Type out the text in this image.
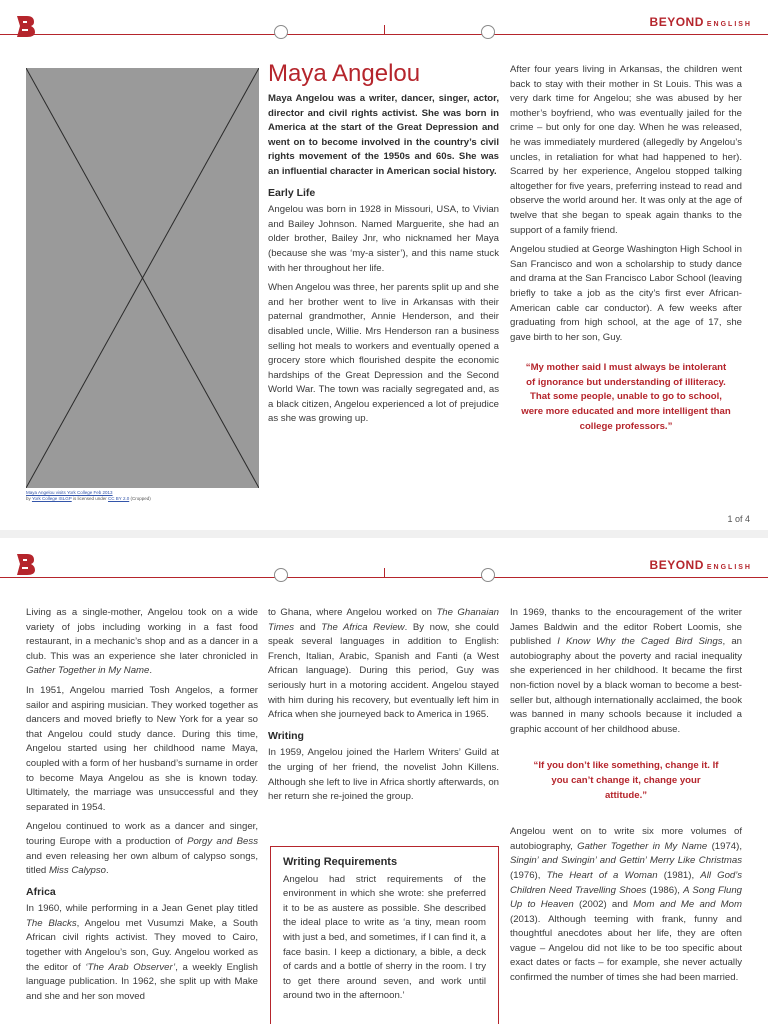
BEYOND ENGLISH
Maya Angelou visits York College Feb 2013
by York College ISLGP is licensed under CC BY 2.0 (Cropped)
Maya Angelou

Maya Angelou was a writer, dancer, singer, actor, director and civil rights activist. She was born in America at the start of the Great Depression and went on to become involved in the country’s civil rights movement of the 1950s and 60s. She was an influential character in American social history.

Early Life

Angelou was born in 1928 in Missouri, USA, to Vivian and Bailey Johnson. Named Marguerite, she had an older brother, Bailey Jnr, who nicknamed her Maya (because she was ‘my-a sister’), and this name stuck with her throughout her life.

When Angelou was three, her parents split up and she and her brother went to live in Arkansas with their paternal grandmother, Annie Henderson, and their disabled uncle, Willie. Mrs Henderson ran a business selling hot meals to workers and eventually opened a grocery store which flourished despite the economic hardships of the Great Depression and the Second World War. The town was racially segregated and, as a black citizen, Angelou experienced a lot of prejudice as she was growing up.

After four years living in Arkansas, the children went back to stay with their mother in St Louis. This was a very dark time for Angelou; she was abused by her mother’s boyfriend, who was eventually jailed for the crime – but only for one day. When he was released, he was immediately murdered (allegedly by Angelou’s uncles, in retaliation for what had happened to her). Scarred by her experience, Angelou stopped talking altogether for five years, preferring instead to read and observe the world around her. It was only at the age of twelve that she began to speak again thanks to the support of a family friend.

Angelou studied at George Washington High School in San Francisco and won a scholarship to study dance and drama at the San Francisco Labor School (leaving briefly to take a job as the city’s first ever African-American cable car conductor). A few weeks after graduating from high school, at the age of 17, she gave birth to her son, Guy.

“My mother said I must always be intolerant of ignorance but understanding of illiteracy. That some people, unable to go to school, were more educated and more intelligent than college professors.”
1 of 4
BEYOND ENGLISH

Living as a single-mother, Angelou took on a wide variety of jobs including working in a fast food restaurant, in a mechanic’s shop and as a dancer in a club. This was an experience she later chronicled in Gather Together in My Name.

In 1951, Angelou married Tosh Angelos, a former sailor and aspiring musician. They worked together as dancers and moved briefly to New York for a year so that Angelou could study dance. During this time, Angelou started using her childhood name Maya, coupled with a form of her husband’s surname in order to become Maya Angelou as she is known today. Ultimately, the marriage was unsuccessful and they separated in 1954.

Angelou continued to work as a dancer and singer, touring Europe with a production of Porgy and Bess and even releasing her own album of calypso songs, titled Miss Calypso.

Africa

In 1960, while performing in a Jean Genet play titled The Blacks, Angelou met Vusumzi Make, a South African civil rights activist. They moved to Cairo, together with Angelou’s son, Guy. Angelou worked as the editor of ‘The Arab Observer’, a weekly English language publication. In 1962, she split up with Make and she and her son moved

to Ghana, where Angelou worked on The Ghanaian Times and The Africa Review. By now, she could speak several languages in addition to English: French, Italian, Arabic, Spanish and Fanti (a West African language). During this period, Guy was seriously hurt in a motoring accident. Angelou stayed with him during his recovery, but eventually left him in Africa when she journeyed back to America in 1965.

Writing

In 1959, Angelou joined the Harlem Writers’ Guild at the urging of her friend, the novelist John Killens. Although she left to live in Africa shortly afterwards, on her return she re-joined the group.

Writing Requirements

Angelou had strict requirements of the environment in which she wrote: she preferred it to be as austere as possible. She described the ideal place to write as ‘a tiny, mean room with just a bed, and sometimes, if I can find it, a face basin. I keep a dictionary, a bible, a deck of cards and a bottle of sherry in the room. I try to get there around seven, and work until around two in the afternoon.’

In 1969, thanks to the encouragement of the writer James Baldwin and the editor Robert Loomis, she published I Know Why the Caged Bird Sings, an autobiography about the poverty and racial inequality she experienced in her childhood. It became the first non-fiction novel by a black woman to become a best-seller but, although internationally acclaimed, the book was banned in many schools because it included a graphic account of her childhood abuse.

“If you don’t like something, change it. If you can’t change it, change your attitude.”

Angelou went on to write six more volumes of autobiography, Gather Together in My Name (1974), Singin’ and Swingin’ and Gettin’ Merry Like Christmas (1976), The Heart of a Woman (1981), All God’s Children Need Travelling Shoes (1986), A Song Flung Up to Heaven (2002) and Mom and Me and Mom (2013). Although teeming with frank, funny and thoughtful anecdotes about her life, they are often vague – Angelou did not like to be too specific about exact dates or facts – for example, she never actually confirmed the number of times she had been married.
